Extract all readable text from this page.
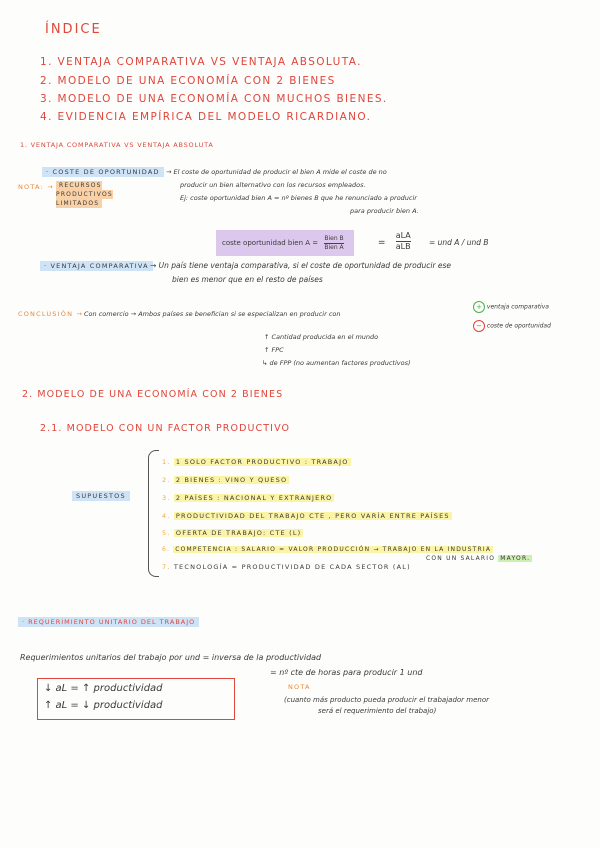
ÍNDICE
1. VENTAJA COMPARATIVA VS VENTAJA ABSOLUTA.
2. MODELO DE UNA ECONOMÍA CON 2 BIENES
3. MODELO DE UNA ECONOMÍA CON MUCHOS BIENES.
4. EVIDENCIA EMPÍRICA DEL MODELO RICARDIANO.
1. VENTAJA COMPARATIVA VS VENTAJA ABSOLUTA
· COSTE DE OPORTUNIDAD → El coste de oportunidad de producir el bien A mide el coste de no
producir un bien alternativo con los recursos empleados.
NOTA: → RECURSOS PRODUCTIVOS LIMITADOS
Ej: coste oportunidad bien A = nº bienes B que he renunciado a producir
para producir bien A.
coste oportunidad bien $A = \frac{\text{Bien B}}{\text{Bien A}}$	= $\frac{\text{aLA}}{\text{aLB}}$ = und A / und B
· VENTAJA COMPARATIVA → Un país tiene ventaja comparativa, si el coste de oportunidad de producir ese
bien es menor que en el resto de países
CONCLUSIÓN → Con comercio → Ambos países se benefician si se especializan en producir con
+ ventaja comparativa
− coste de oportunidad
↑ Cantidad producida en el mundo
↑ FPC
↳ de FPP (no aumentan factores productivos)
2. MODELO DE UNA ECONOMÍA CON 2 BIENES
2.1. MODELO CON UN FACTOR PRODUCTIVO
SUPUESTOS
1. 1 SOLO FACTOR PRODUCTIVO : TRABAJO
2. 2 BIENES : VINO Y QUESO
3. 2 PAÍSES : NACIONAL Y EXTRANJERO
4. PRODUCTIVIDAD DEL TRABAJO CTE , PERO VARÍA ENTRE PAÍSES
5. OFERTA DE TRABAJO: CTE (L)
6. COMPETENCIA : SALARIO = VALOR PRODUCCIÓN → TRABAJO EN LA INDUSTRIA
CON UN SALARIO MAYOR.
7. TECNOLOGÍA = PRODUCTIVIDAD DE CADA SECTOR (AL)
· REQUERIMIENTO UNITARIO DEL TRABAJO
Requerimientos unitarios del trabajo por und = inversa de la productividad
= nº cte de horas para producir 1 und
NOTA
(cuanto más producto pueda producir el trabajador menor
será el requerimiento del trabajo)
↓ aL = ↑ productividad
↑ aL = ↓ productividad
